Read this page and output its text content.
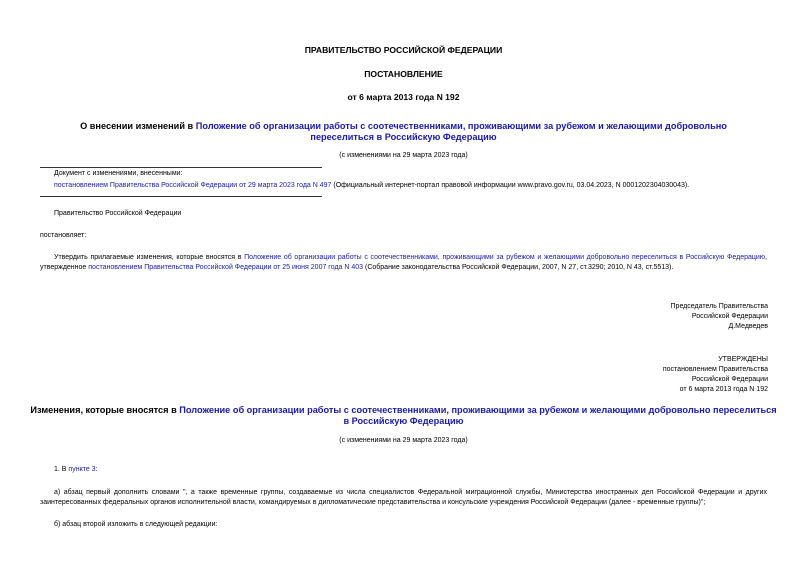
ПРАВИТЕЛЬСТВО РОССИЙСКОЙ ФЕДЕРАЦИИ
ПОСТАНОВЛЕНИЕ
от 6 марта 2013 года N 192
О внесении изменений в Положение об организации работы с соотечественниками, проживающими за рубежом и желающими добровольно переселиться в Российскую Федерацию
(с изменениями на 29 марта 2023 года)
Документ с изменениями, внесенными:
постановлением Правительства Российской Федерации от 29 марта 2023 года N 497 (Официальный интернет-портал правовой информации www.pravo.gov.ru, 03.04.2023, N 0001202304030043).
Правительство Российской Федерации
постановляет:
Утвердить прилагаемые изменения, которые вносятся в Положение об организации работы с соотечественниками, проживающими за рубежом и желающими добровольно переселиться в Российскую Федерацию, утвержденное постановлением Правительства Российской Федерации от 25 июня 2007 года N 403 (Собрание законодательства Российской Федерации, 2007, N 27, ст.3290; 2010, N 43, ст.5513).
Председатель Правительства
Российской Федерации
Д.Медведев
УТВЕРЖДЕНЫ
постановлением Правительства
Российской Федерации
от 6 марта 2013 года N 192
Изменения, которые вносятся в Положение об организации работы с соотечественниками, проживающими за рубежом и желающими добровольно переселиться в Российскую Федерацию
(с изменениями на 29 марта 2023 года)
1. В пункте 3:
а) абзац первый дополнить словами ", а также временные группы, создаваемые из числа специалистов Федеральной миграционной службы, Министерства иностранных дел Российской Федерации и других заинтересованных федеральных органов исполнительной власти, командируемых в дипломатические представительства и консульские учреждения Российской Федерации (далее - временные группы)";
б) абзац второй изложить в следующей редакции:
